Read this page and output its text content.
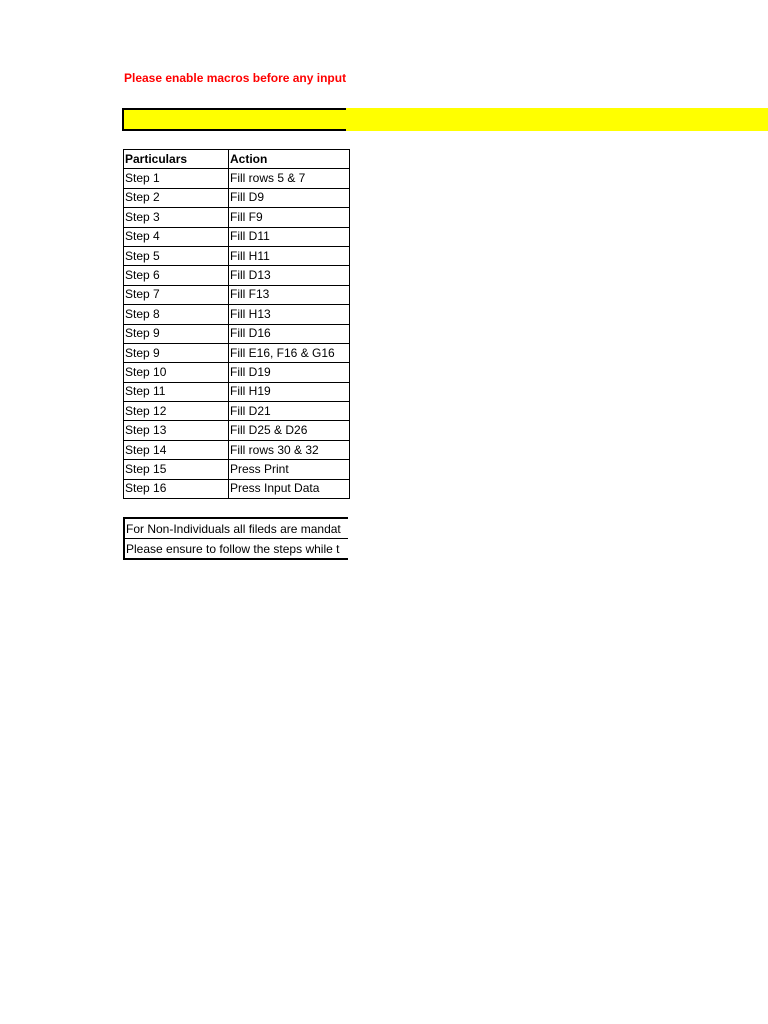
Please enable macros before any input
Particulars	Action
Step 1	Fill rows 5 & 7
Step 2	Fill D9
Step 3	Fill F9
Step 4	Fill D11
Step 5	Fill H11
Step 6	Fill D13
Step 7	Fill F13
Step 8	Fill H13
Step 9	Fill D16
Step 9	Fill E16, F16 & G16
Step 10	Fill D19
Step 11	Fill H19
Step 12	Fill D21
Step 13	Fill D25 & D26
Step 14	Fill rows 30 & 32
Step 15	Press Print
Step 16	Press Input Data
For Non-Individuals all fileds are mandat
Please ensure to follow the steps while t
